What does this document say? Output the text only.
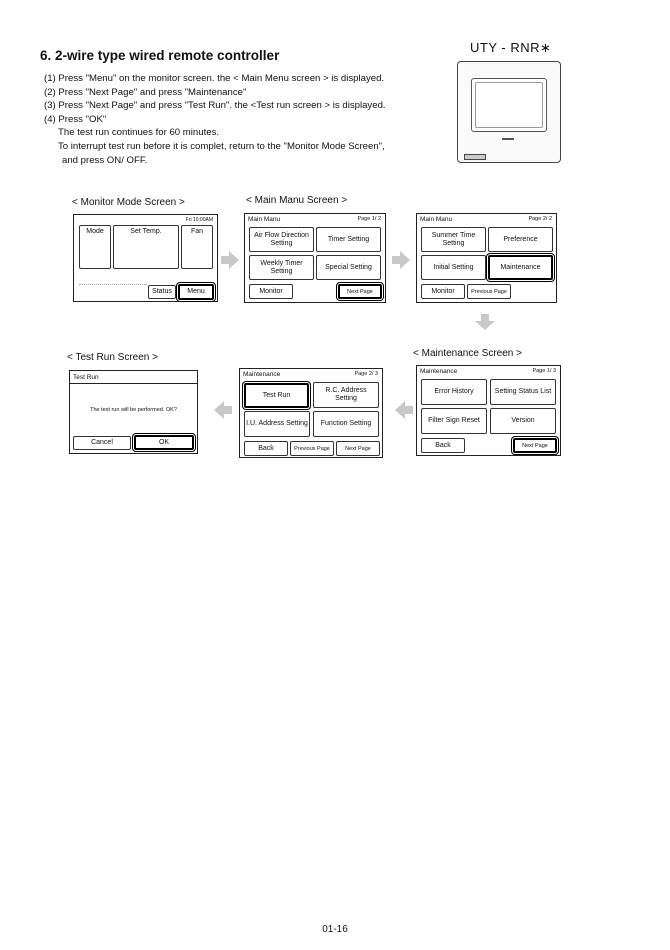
6. 2-wire type wired remote controller
UTY - RNR∗
(1) Press "Menu" on the monitor screen. the < Main Menu screen > is displayed.
(2) Press "Next Page" and press "Maintenance"
(3) Press "Next Page" and press "Test Run". the <Test run screen > is displayed.
(4) Press "OK"
The test run continues for 60 minutes.
To interrupt test run before it is complet, return to the "Monitor Mode Screen",
and press ON/ OFF.
< Monitor Mode Screen >
Fri 10:00AM
Mode	Set Temp.	Fan
Status	Menu
< Main Manu Screen >
Main Manu	Page 1/ 2
Air Flow Direction Setting
Timer Setting
Weekly Timer Setting
Special Setting
Monitor	Next Page
Main Manu	Page 2/ 2
Summer Time Setting
Preference
Initial Setting	Maintenance
Monitor	Previous Page
< Maintenance Screen >
Maintenance	Page 1/ 3
Error History	Setting Status List
Filter Sign Reset	Version
Back	Next Page
Maintenance	Page 2/ 3
Test Run
R.C. Address Setting
I.U. Address Setting	Function Setting
Back	Previous Page	Next Page
< Test Run Screen >
Test Run
The test run will be performed. OK?
Cancel	OK
01-16
